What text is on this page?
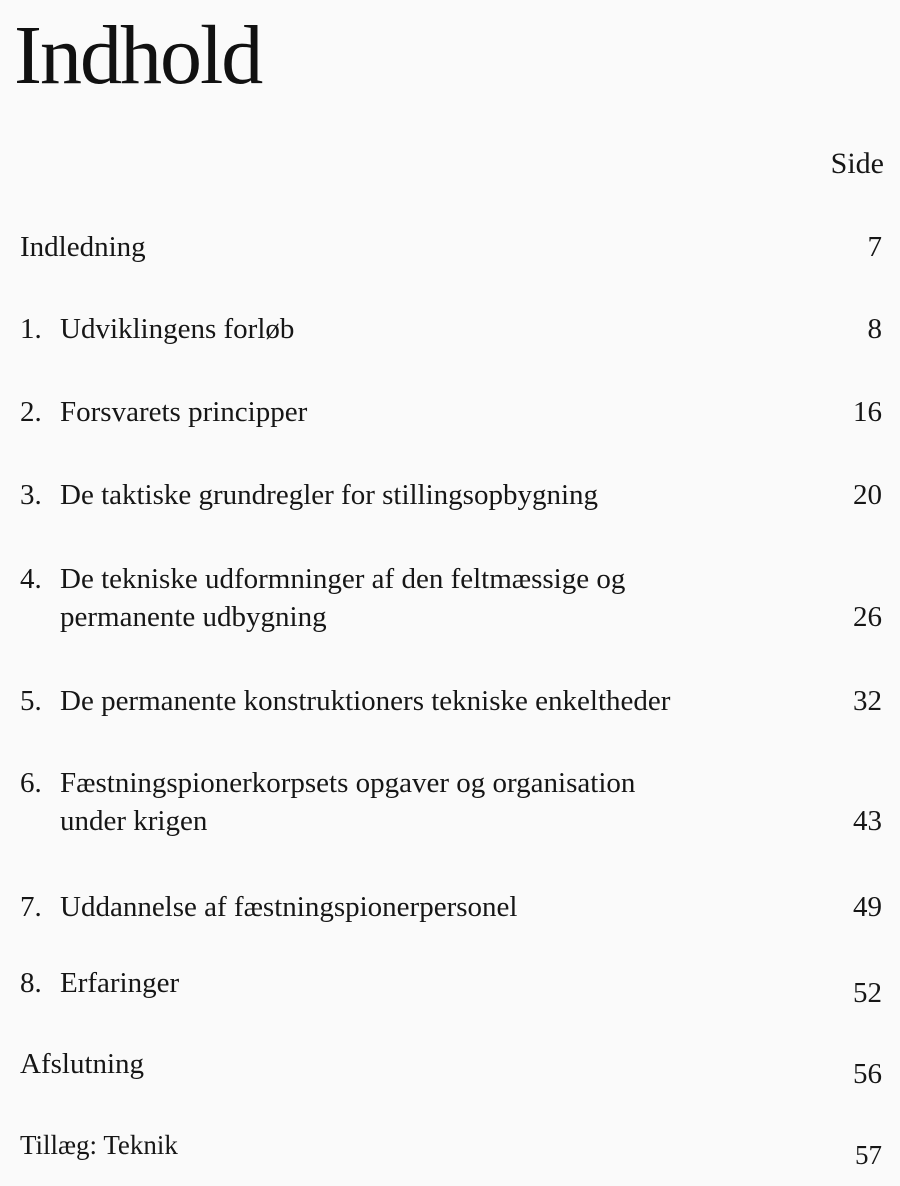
Indhold
Side
Indledning	7
1. Udviklingens forløb	8
2. Forsvarets principper	16
3. De taktiske grundregler for stillingsopbygning	20
4. De tekniske udformninger af den feltmæssige og
permanente udbygning	26
5. De permanente konstruktioners tekniske enkeltheder	32
6. Fæstningspionerkorpsets opgaver og organisation
under krigen	43
7. Uddannelse af fæstningspionerpersonel	49
8. Erfaringer	52
Afslutning	56
Tillæg: Teknik	57
